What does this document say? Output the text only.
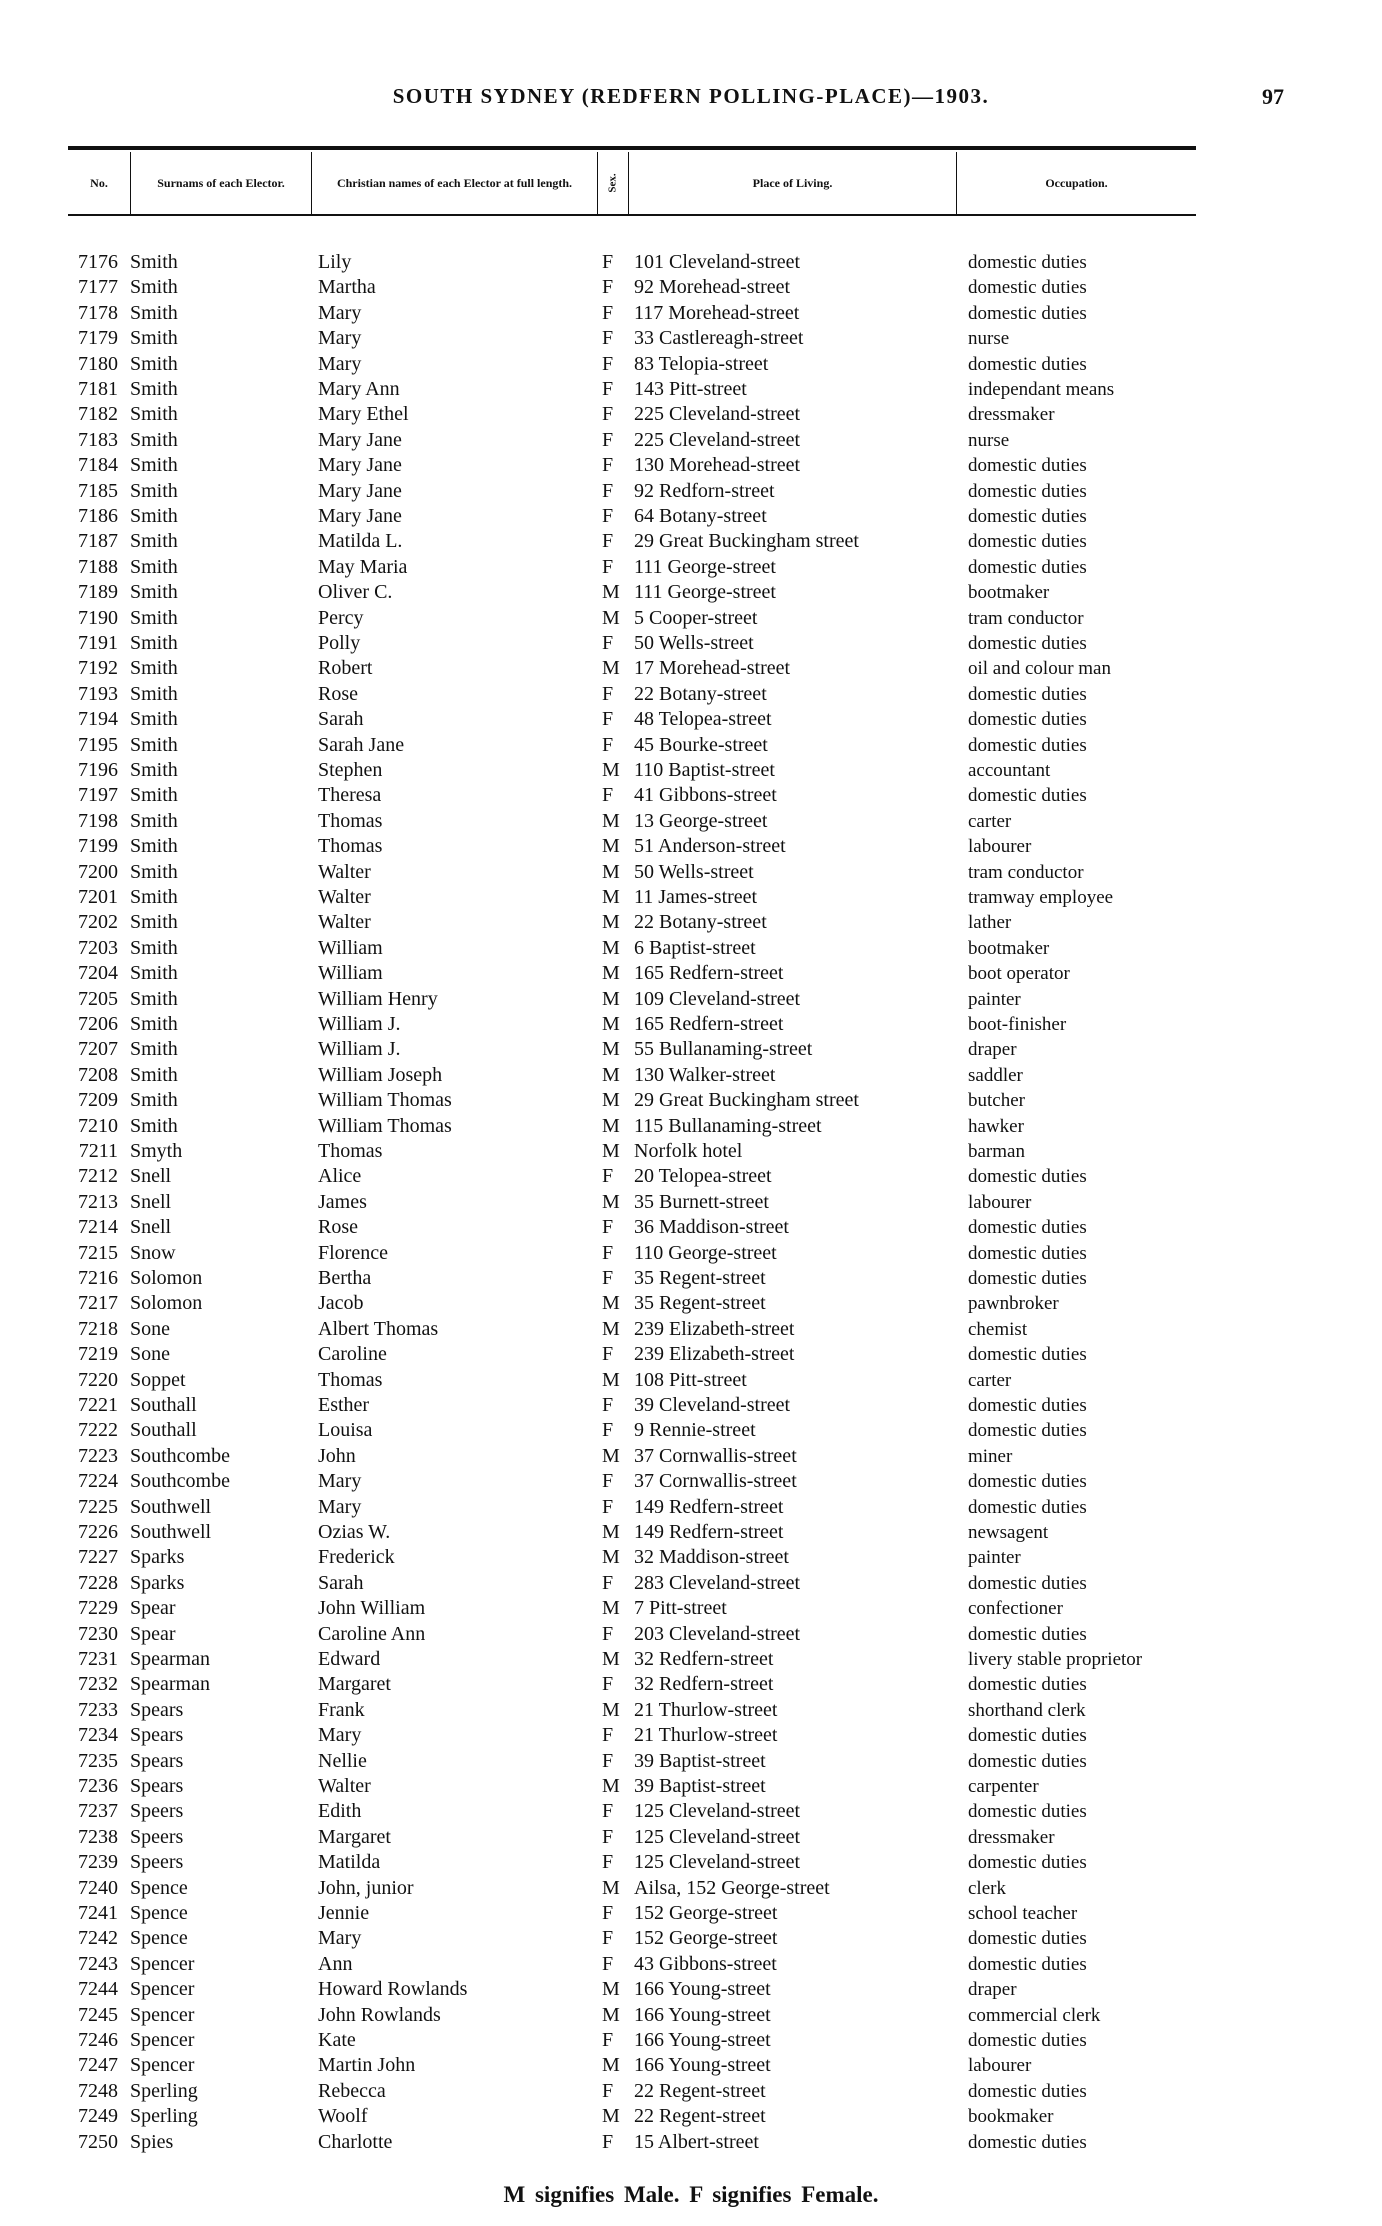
SOUTH SYDNEY (REDFERN POLLING-PLACE)—1903.	97
No.	Surnams of each Elector.	Christian names of each Elector at full length.	Sex.	Place of Living.	Occupation.
7176 Smith	Lily	F 101 Cleveland-street	domestic duties
7177 Smith	Martha	F 92 Morehead-street	domestic duties
7178 Smith	Mary	F 117 Morehead-street	domestic duties
7179 Smith	Mary	F 33 Castlereagh-street	nurse
7180 Smith	Mary	F 83 Telopia-street	domestic duties
7181 Smith	Mary Ann	F 143 Pitt-street	independant means
7182 Smith	Mary Ethel	F 225 Cleveland-street	dressmaker
7183 Smith	Mary Jane	F 225 Cleveland-street	nurse
7184 Smith	Mary Jane	F 130 Morehead-street	domestic duties
7185 Smith	Mary Jane	F 92 Redforn-street	domestic duties
7186 Smith	Mary Jane	F 64 Botany-street	domestic duties
7187 Smith	Matilda L.	F 29 Great Buckingham street	domestic duties
7188 Smith	May Maria	F 111 George-street	domestic duties
7189 Smith	Oliver C.	M 111 George-street	bootmaker
7190 Smith	Percy	M 5 Cooper-street	tram conductor
7191 Smith	Polly	F 50 Wells-street	domestic duties
7192 Smith	Robert	M 17 Morehead-street	oil and colour man
7193 Smith	Rose	F 22 Botany-street	domestic duties
7194 Smith	Sarah	F 48 Telopea-street	domestic duties
7195 Smith	Sarah Jane	F 45 Bourke-street	domestic duties
7196 Smith	Stephen	M 110 Baptist-street	accountant
7197 Smith	Theresa	F 41 Gibbons-street	domestic duties
7198 Smith	Thomas	M 13 George-street	carter
7199 Smith	Thomas	M 51 Anderson-street	labourer
7200 Smith	Walter	M 50 Wells-street	tram conductor
7201 Smith	Walter	M 11 James-street	tramway employee
7202 Smith	Walter	M 22 Botany-street	lather
7203 Smith	William	M 6 Baptist-street	bootmaker
7204 Smith	William	M 165 Redfern-street	boot operator
7205 Smith	William Henry	M 109 Cleveland-street	painter
7206 Smith	William J.	M 165 Redfern-street	boot-finisher
7207 Smith	William J.	M 55 Bullanaming-street	draper
7208 Smith	William Joseph	M 130 Walker-street	saddler
7209 Smith	William Thomas	M 29 Great Buckingham street	butcher
7210 Smith	William Thomas	M 115 Bullanaming-street	hawker
7211 Smyth	Thomas	M Norfolk hotel	barman
7212 Snell	Alice	F 20 Telopea-street	domestic duties
7213 Snell	James	M 35 Burnett-street	labourer
7214 Snell	Rose	F 36 Maddison-street	domestic duties
7215 Snow	Florence	F 110 George-street	domestic duties
7216 Solomon	Bertha	F 35 Regent-street	domestic duties
7217 Solomon	Jacob	M 35 Regent-street	pawnbroker
7218 Sone	Albert Thomas	M 239 Elizabeth-street	chemist
7219 Sone	Caroline	F 239 Elizabeth-street	domestic duties
7220 Soppet	Thomas	M 108 Pitt-street	carter
7221 Southall	Esther	F 39 Cleveland-street	domestic duties
7222 Southall	Louisa	F 9 Rennie-street	domestic duties
7223 Southcombe	John	M 37 Cornwallis-street	miner
7224 Southcombe	Mary	F 37 Cornwallis-street	domestic duties
7225 Southwell	Mary	F 149 Redfern-street	domestic duties
7226 Southwell	Ozias W.	M 149 Redfern-street	newsagent
7227 Sparks	Frederick	M 32 Maddison-street	painter
7228 Sparks	Sarah	F 283 Cleveland-street	domestic duties
7229 Spear	John William	M 7 Pitt-street	confectioner
7230 Spear	Caroline Ann	F 203 Cleveland-street	domestic duties
7231 Spearman	Edward	M 32 Redfern-street	livery stable proprietor
7232 Spearman	Margaret	F 32 Redfern-street	domestic duties
7233 Spears	Frank	M 21 Thurlow-street	shorthand clerk
7234 Spears	Mary	F 21 Thurlow-street	domestic duties
7235 Spears	Nellie	F 39 Baptist-street	domestic duties
7236 Spears	Walter	M 39 Baptist-street	carpenter
7237 Speers	Edith	F 125 Cleveland-street	domestic duties
7238 Speers	Margaret	F 125 Cleveland-street	dressmaker
7239 Speers	Matilda	F 125 Cleveland-street	domestic duties
7240 Spence	John, junior	M Ailsa, 152 George-street	clerk
7241 Spence	Jennie	F 152 George-street	school teacher
7242 Spence	Mary	F 152 George-street	domestic duties
7243 Spencer	Ann	F 43 Gibbons-street	domestic duties
7244 Spencer	Howard Rowlands	M 166 Young-street	draper
7245 Spencer	John Rowlands	M 166 Young-street	commercial clerk
7246 Spencer	Kate	F 166 Young-street	domestic duties
7247 Spencer	Martin John	M 166 Young-street	labourer
7248 Sperling	Rebecca	F 22 Regent-street	domestic duties
7249 Sperling	Woolf	M 22 Regent-street	bookmaker
7250 Spies	Charlotte	F 15 Albert-street	domestic duties
M signifies Male. F signifies Female.
